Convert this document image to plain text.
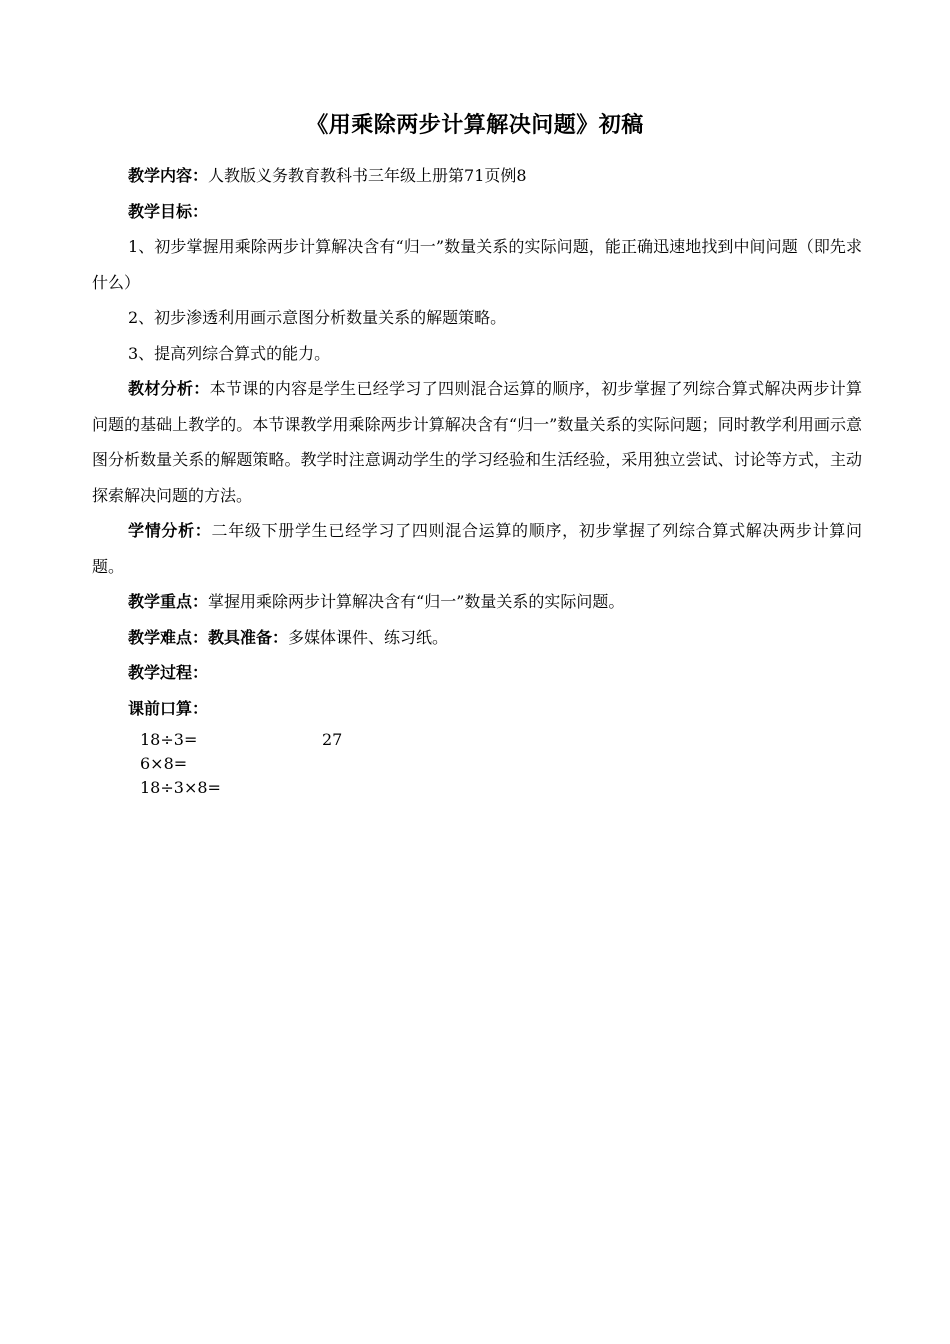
《用乘除两步计算解决问题》初稿

教学内容：人教版义务教育教科书三年级上册第71页例8

教学目标：

1、初步掌握用乘除两步计算解决含有“归一”数量关系的实际问题，能正确迅速地找到中间问题（即先求什么）

2、初步渗透利用画示意图分析数量关系的解题策略。

3、提高列综合算式的能力。

教材分析：本节课的内容是学生已经学习了四则混合运算的顺序，初步掌握了列综合算式解决两步计算问题的基础上教学的。本节课教学用乘除两步计算解决含有“归一”数量关系的实际问题；同时教学利用画示意图分析数量关系的解题策略。教学时注意调动学生的学习经验和生活经验，采用独立尝试、讨论等方式，主动探索解决问题的方法。

学情分析：二年级下册学生已经学习了四则混合运算的顺序，初步掌握了列综合算式解决两步计算问题。

教学重点：掌握用乘除两步计算解决含有“归一”数量关系的实际问题。

教学难点：教具准备：多媒体课件、练习纸。

教学过程：

课前口算：

18÷3=
6×8=
18÷3×8=
27
